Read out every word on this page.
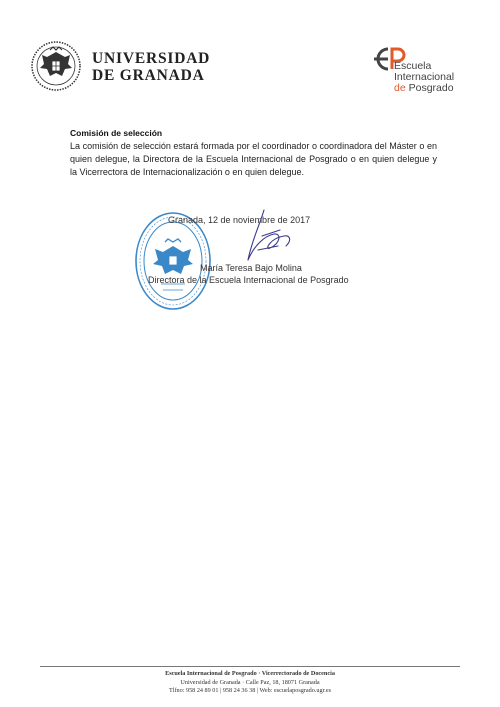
UNIVERSIDAD
DE GRANADA
Escuela
Internacional
de Posgrado
Comisión de selección
La comisión de selección estará formada por el coordinador o coordinadora del Máster o en quien delegue, la Directora de la Escuela Internacional de Posgrado o en quien delegue y la Vicerrectora de Internacionalización o en quien delegue.
Granada, 12 de noviembre de 2017
María Teresa Bajo Molina
Directora de la Escuela Internacional de Posgrado
Escuela Internacional de Posgrado · Vicerrectorado de Docencia
Universidad de Granada · Calle Paz, 18, 18071 Granada
Tlfno: 958 24 89 01 | 958 24 36 38 | Web: escuelaposgrado.ugr.es
